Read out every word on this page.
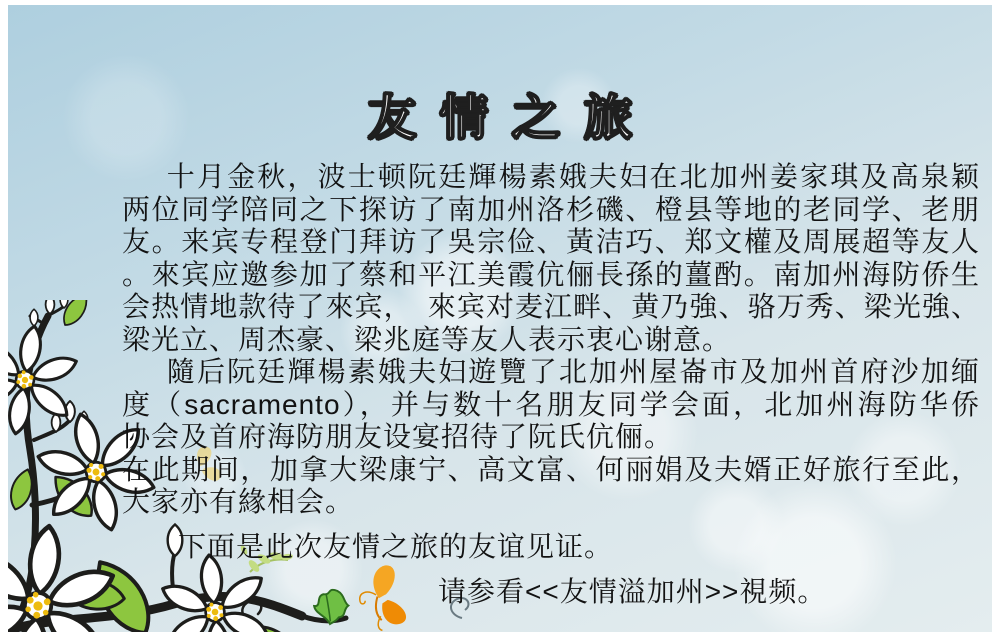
友情之旅
十月金秋，波士顿阮廷輝楊素娥夫妇在北加州姜家琪及高泉颖
两位同学陪同之下探访了南加州洛杉磯、橙县等地的老同学、老朋
友。来宾专程登门拜访了吳宗俭、黃洁巧、郑文權及周展超等友人
。來宾应邀参加了蔡和平江美霞伉俪長孫的薑酌。南加州海防侨生
会热情地款待了來宾，　來宾对麦江畔、黄乃強、骆万秀、梁光強、
梁光立、周杰豪、梁兆庭等友人表示衷心谢意。
隨后阮廷輝楊素娥夫妇遊覽了北加州屋崙市及加州首府沙加缅
度（sacramento），并与数十名朋友同学会面，北加州海防华侨
协会及首府海防朋友设宴招待了阮氏伉俪。
在此期间，加拿大梁康宁、高文富、何丽娟及夫婿正好旅行至此，
大家亦有緣相会。
下面是此次友情之旅的友谊见证。
请参看<<友情溢加州>>視频。
